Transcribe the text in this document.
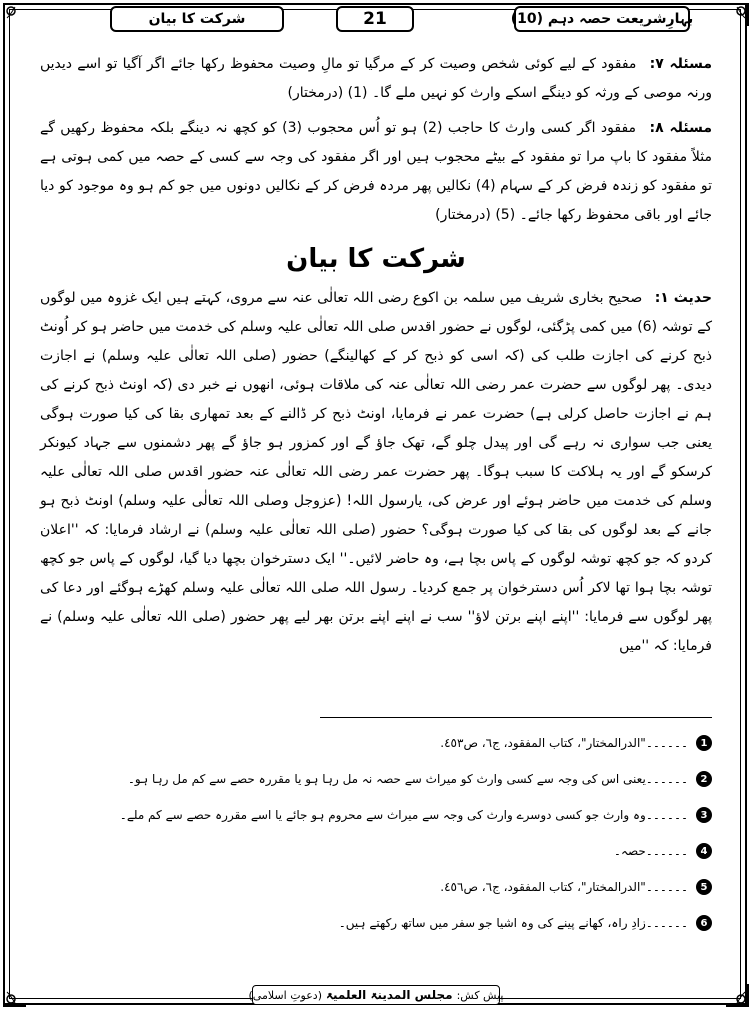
شرکت کا بیان	21	بہارِشریعت حصہ دہم (10)

مسئلہ ۷: مفقود کے لیے کوئی شخص وصیت کر کے مرگیا تو مالِ وصیت محفوظ رکھا جائے اگر آگیا تو اسے دیدیں ورنہ موصی کے ورثہ کو دینگے اسکے وارث کو نہیں ملے گا۔ (1) (درمختار)

مسئلہ ۸: مفقود اگر کسی وارث کا حاجب (2) ہو تو اُس محجوب (3) کو کچھ نہ دینگے بلکہ محفوظ رکھیں گے مثلاً مفقود کا باپ مرا تو مفقود کے بیٹے محجوب ہیں اور اگر مفقود کی وجہ سے کسی کے حصہ میں کمی ہوتی ہے تو مفقود کو زندہ فرض کر کے سہام (4) نکالیں پھر مردہ فرض کر کے نکالیں دونوں میں جو کم ہو وہ موجود کو دیا جائے اور باقی محفوظ رکھا جائے۔ (5) (درمختار)

شرکت کا بیان

حدیث ۱: صحیح بخاری شریف میں سلمہ بن اکوع رضی اللہ تعالٰی عنہ سے مروی، کہتے ہیں ایک غزوہ میں لوگوں کے توشہ (6) میں کمی پڑگئی، لوگوں نے حضور اقدس صلی اللہ تعالٰی علیہ وسلم کی خدمت میں حاضر ہو کر اُونٹ ذبح کرنے کی اجازت طلب کی (کہ اسی کو ذبح کر کے کھالینگے) حضور (صلی اللہ تعالٰی علیہ وسلم) نے اجازت دیدی۔ پھر لوگوں سے حضرت عمر رضی اللہ تعالٰی عنہ کی ملاقات ہوئی، انھوں نے خبر دی (کہ اونٹ ذبح کرنے کی ہم نے اجازت حاصل کرلی ہے) حضرت عمر نے فرمایا، اونٹ ذبح کر ڈالنے کے بعد تمھاری بقا کی کیا صورت ہوگی یعنی جب سواری نہ رہے گی اور پیدل چلو گے، تھک جاؤ گے اور کمزور ہو جاؤ گے پھر دشمنوں سے جہاد کیونکر کرسکو گے اور یہ ہلاکت کا سبب ہوگا۔ پھر حضرت عمر رضی اللہ تعالٰی عنہ حضور اقدس صلی اللہ تعالٰی علیہ وسلم کی خدمت میں حاضر ہوئے اور عرض کی، یارسول اللہ! (عزوجل وصلی اللہ تعالٰی علیہ وسلم) اونٹ ذبح ہو جانے کے بعد لوگوں کی بقا کی کیا صورت ہوگی؟ حضور (صلی اللہ تعالٰی علیہ وسلم) نے ارشاد فرمایا: کہ ''اعلان کردو کہ جو کچھ توشہ لوگوں کے پاس بچا ہے، وہ حاضر لائیں۔'' ایک دسترخوان بچھا دیا گیا، لوگوں کے پاس جو کچھ توشہ بچا ہوا تھا لاکر اُس دسترخوان پر جمع کردیا۔ رسول اللہ صلی اللہ تعالٰی علیہ وسلم کھڑے ہوگئے اور دعا کی پھر لوگوں سے فرمایا: ''اپنے اپنے برتن لاؤ'' سب نے اپنے اپنے برتن بھر لیے پھر حضور (صلی اللہ تعالٰی علیہ وسلم) نے فرمایا: کہ ''میں

1
۔۔۔۔۔۔"الدرالمختار"، کتاب المفقود، ج٦، ص٤٥٣.
2
۔۔۔۔۔۔یعنی اس کی وجہ سے کسی وارث کو میراث سے حصہ نہ مل رہا ہو یا مقررہ حصے سے کم مل رہا ہو۔
3
۔۔۔۔۔۔وہ وارث جو کسی دوسرے وارث کی وجہ سے میراث سے محروم ہو جائے یا اسے مقررہ حصے سے کم ملے۔
4
۔۔۔۔۔۔حصہ۔
5
۔۔۔۔۔۔"الدرالمختار"، کتاب المفقود، ج٦، ص٤٥٦.
6
۔۔۔۔۔۔زادِ راہ، کھانے پینے کی وہ اشیا جو سفر میں ساتھ رکھتے ہیں۔
پیش کش:
مجلس المدینۃ العلمیۃ
(دعوتِ اسلامی)
